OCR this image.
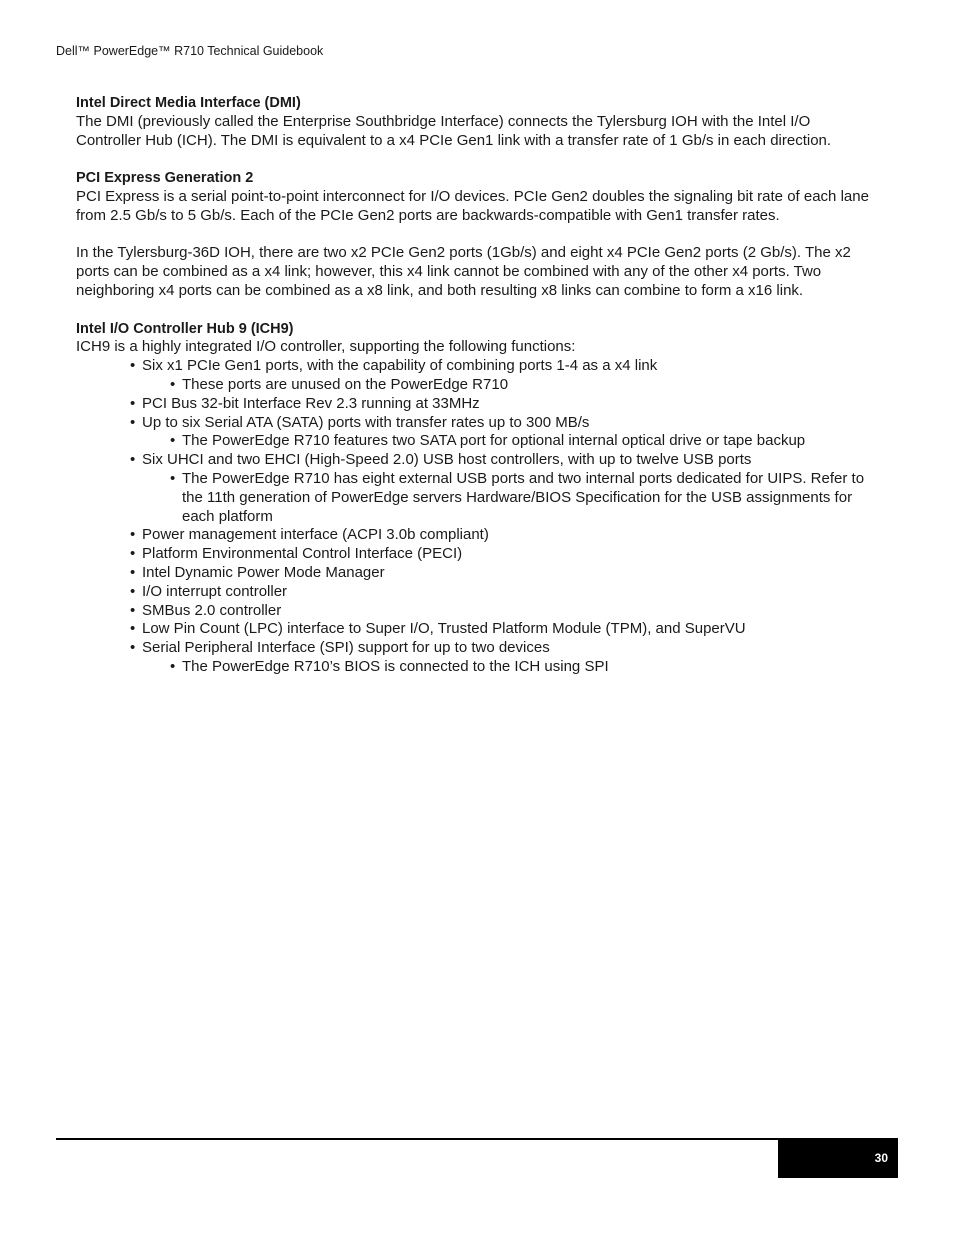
Dell™ PowerEdge™ R710 Technical Guidebook

Intel Direct Media Interface (DMI)

The DMI (previously called the Enterprise Southbridge Interface) connects the Tylersburg IOH with the Intel I/O Controller Hub (ICH). The DMI is equivalent to a x4 PCIe Gen1 link with a transfer rate of 1 Gb/s in each direction.

PCI Express Generation 2

PCI Express is a serial point-to-point interconnect for I/O devices. PCIe Gen2 doubles the signaling bit rate of each lane from 2.5 Gb/s to 5 Gb/s. Each of the PCIe Gen2 ports are backwards-compatible with Gen1 transfer rates.

In the Tylersburg-36D IOH, there are two x2 PCIe Gen2 ports (1Gb/s) and eight x4 PCIe Gen2 ports (2 Gb/s). The x2 ports can be combined as a x4 link; however, this x4 link cannot be combined with any of the other x4 ports. Two neighboring x4 ports can be combined as a x8 link, and both resulting x8 links can combine to form a x16 link.

Intel I/O Controller Hub 9 (ICH9)

ICH9 is a highly integrated I/O controller, supporting the following functions:

• Six x1 PCIe Gen1 ports, with the capability of combining ports 1-4 as a x4 link
• These ports are unused on the PowerEdge R710
• PCI Bus 32-bit Interface Rev 2.3 running at 33MHz
• Up to six Serial ATA (SATA) ports with transfer rates up to 300 MB/s
• The PowerEdge R710 features two SATA port for optional internal optical drive or tape backup
• Six UHCI and two EHCI (High-Speed 2.0) USB host controllers, with up to twelve USB ports
• The PowerEdge R710 has eight external USB ports and two internal ports dedicated for UIPS. Refer to the 11th generation of PowerEdge servers Hardware/BIOS Specification for the USB assignments for each platform
• Power management interface (ACPI 3.0b compliant)
• Platform Environmental Control Interface (PECI)
• Intel Dynamic Power Mode Manager
• I/O interrupt controller
• SMBus 2.0 controller
• Low Pin Count (LPC) interface to Super I/O, Trusted Platform Module (TPM), and SuperVU
• Serial Peripheral Interface (SPI) support for up to two devices
• The PowerEdge R710’s BIOS is connected to the ICH using SPI
30
